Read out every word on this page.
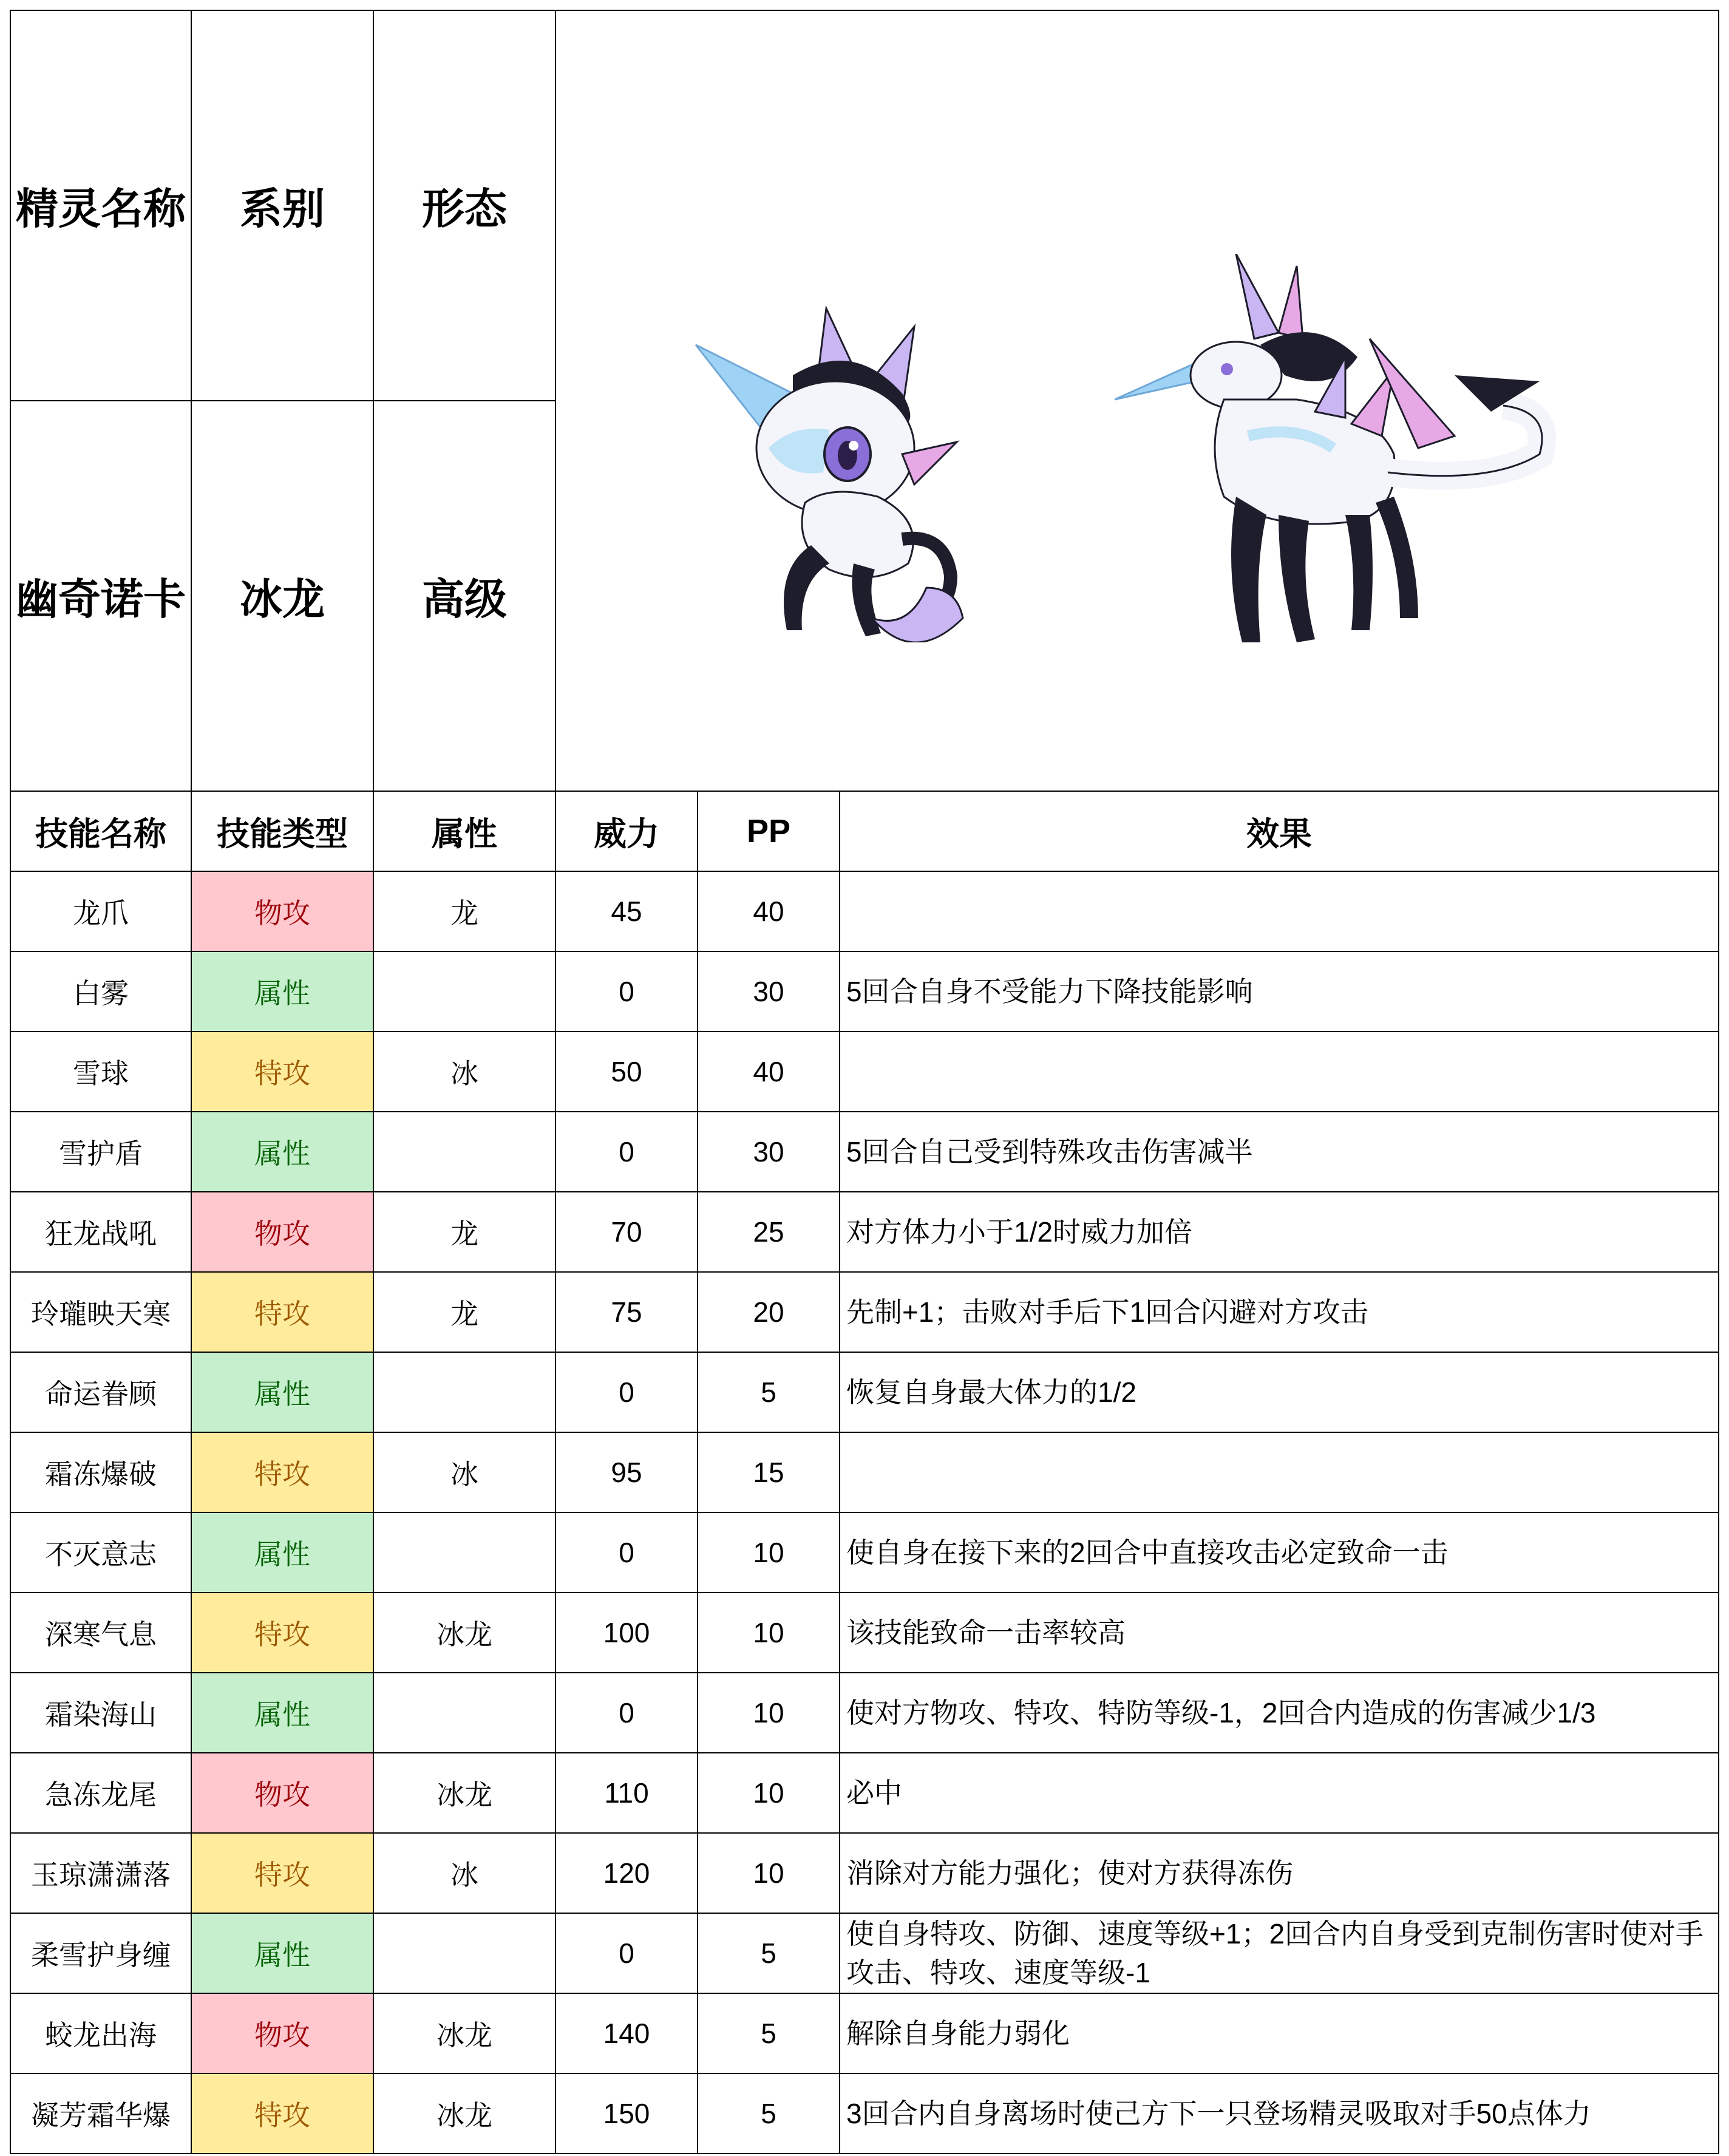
精灵名称	系别	形态	

幽奇诺卡	冰龙	高级	
技能名称	技能类型	属性	威力	PP	效果
龙爪	物攻	龙	45	40	
白雾	属性		0	30	5回合自身不受能力下降技能影响
雪球	特攻	冰	50	40	
雪护盾	属性		0	30	5回合自己受到特殊攻击伤害减半
狂龙战吼	物攻	龙	70	25	对方体力小于1/2时威力加倍
玲瓏映天寒	特攻	龙	75	20	先制+1；击败对手后下1回合闪避对方攻击
命运眷顾	属性		0	5	恢复自身最大体力的1/2
霜冻爆破	特攻	冰	95	15	
不灭意志	属性		0	10	使自身在接下来的2回合中直接攻击必定致命一击
深寒气息	特攻	冰龙	100	10	该技能致命一击率较高
霜染海山	属性		0	10	使对方物攻、特攻、特防等级-1，2回合内造成的伤害减少1/3
急冻龙尾	物攻	冰龙	110	10	必中
玉琼潇潇落	特攻	冰	120	10	消除对方能力强化；使对方获得冻伤
柔雪护身缠	属性		0	5	使自身特攻、防御、速度等级+1；2回合内自身受到克制伤害时使对手攻击、特攻、速度等级-1
蛟龙出海	物攻	冰龙	140	5	解除自身能力弱化
凝芳霜华爆	特攻	冰龙	150	5	3回合内自身离场时使己方下一只登场精灵吸取对手50点体力
